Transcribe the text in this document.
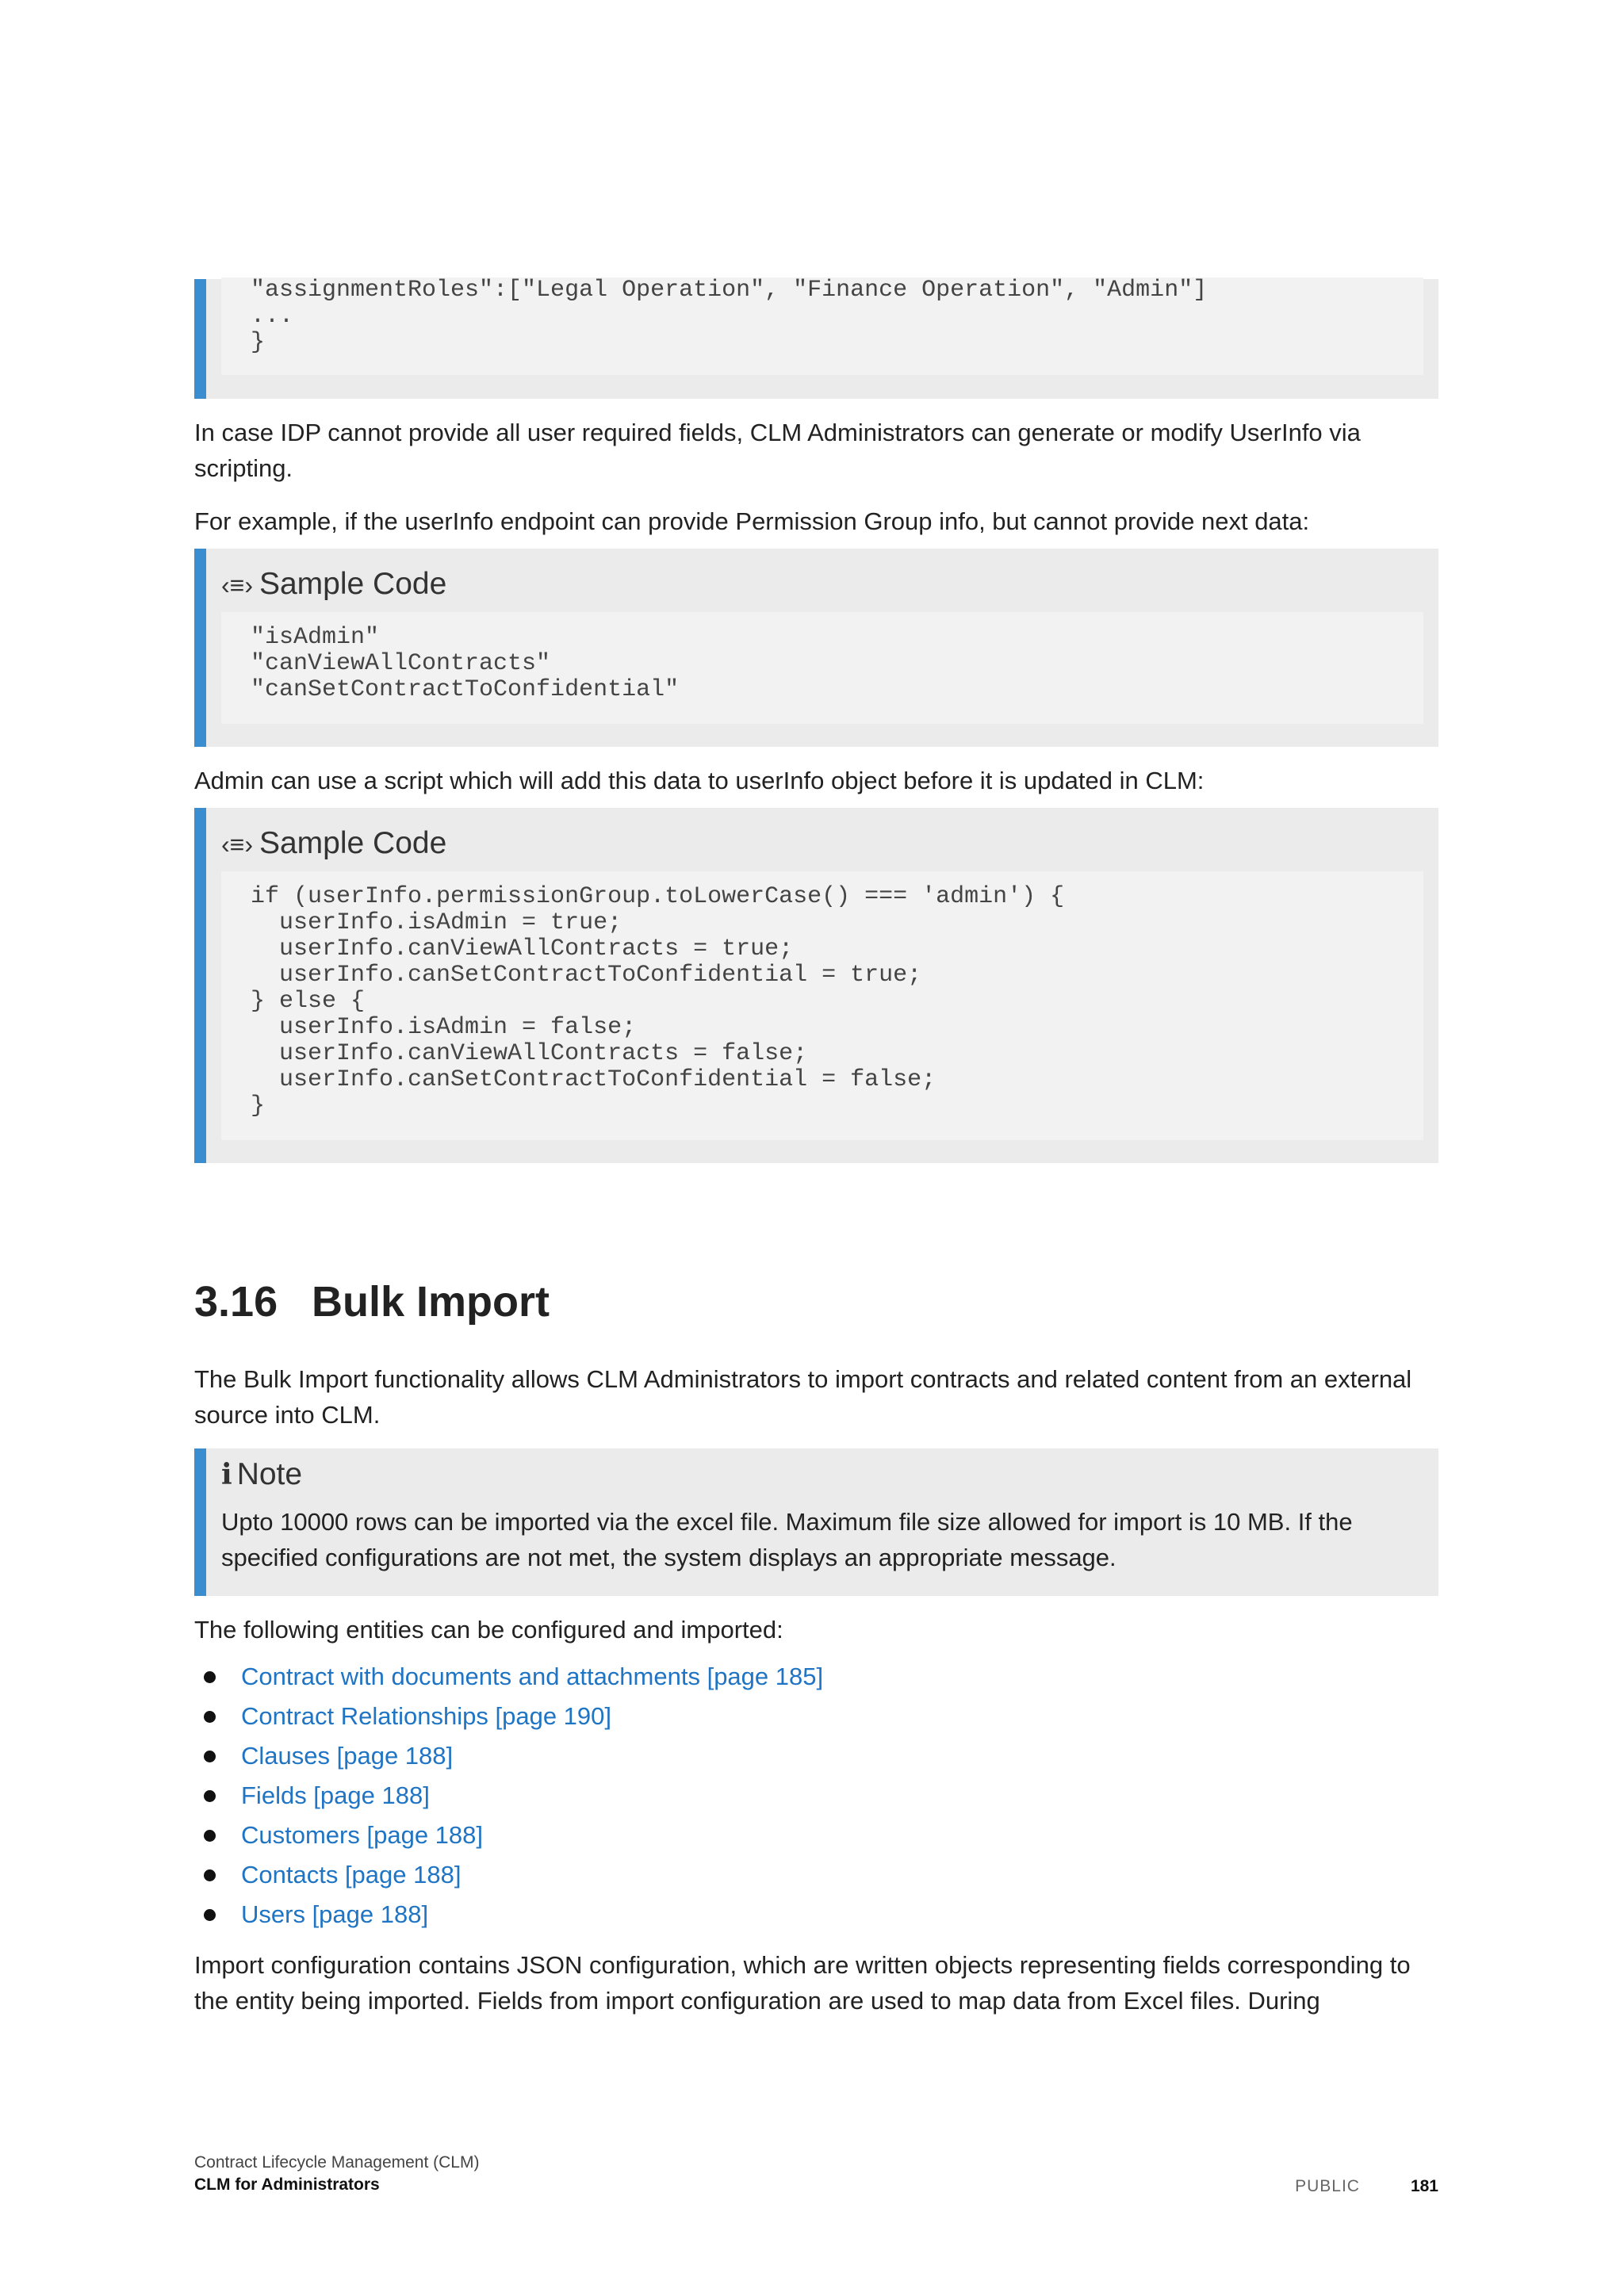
"assignmentRoles":["Legal Operation", "Finance Operation", "Admin"]
...
}

In case IDP cannot provide all user required fields, CLM Administrators can generate or modify UserInfo via scripting.

For example, if the userInfo endpoint can provide Permission Group info, but cannot provide next data:

‹≡› Sample Code
"isAdmin"
"canViewAllContracts"
"canSetContractToConfidential"

Admin can use a script which will add this data to userInfo object before it is updated in CLM:

‹≡› Sample Code
if (userInfo.permissionGroup.toLowerCase() === 'admin') {
userInfo.isAdmin = true;
userInfo.canViewAllContracts = true;
userInfo.canSetContractToConfidential = true;
} else {
userInfo.isAdmin = false;
userInfo.canViewAllContracts = false;
userInfo.canSetContractToConfidential = false;
}
3.16 Bulk Import

The Bulk Import functionality allows CLM Administrators to import contracts and related content from an external source into CLM.

i Note
Upto 10000 rows can be imported via the excel file. Maximum file size allowed for import is 10 MB. If the specified configurations are not met, the system displays an appropriate message.

The following entities can be configured and imported:

Contract with documents and attachments [page 185]
Contract Relationships [page 190]
Clauses [page 188]
Fields [page 188]
Customers [page 188]
Contacts [page 188]
Users [page 188]

Import configuration contains JSON configuration, which are written objects representing fields corresponding to the entity being imported. Fields from import configuration are used to map data from Excel files. During

Contract Lifecycle Management (CLM)
CLM for Administrators	PUBLIC	181
